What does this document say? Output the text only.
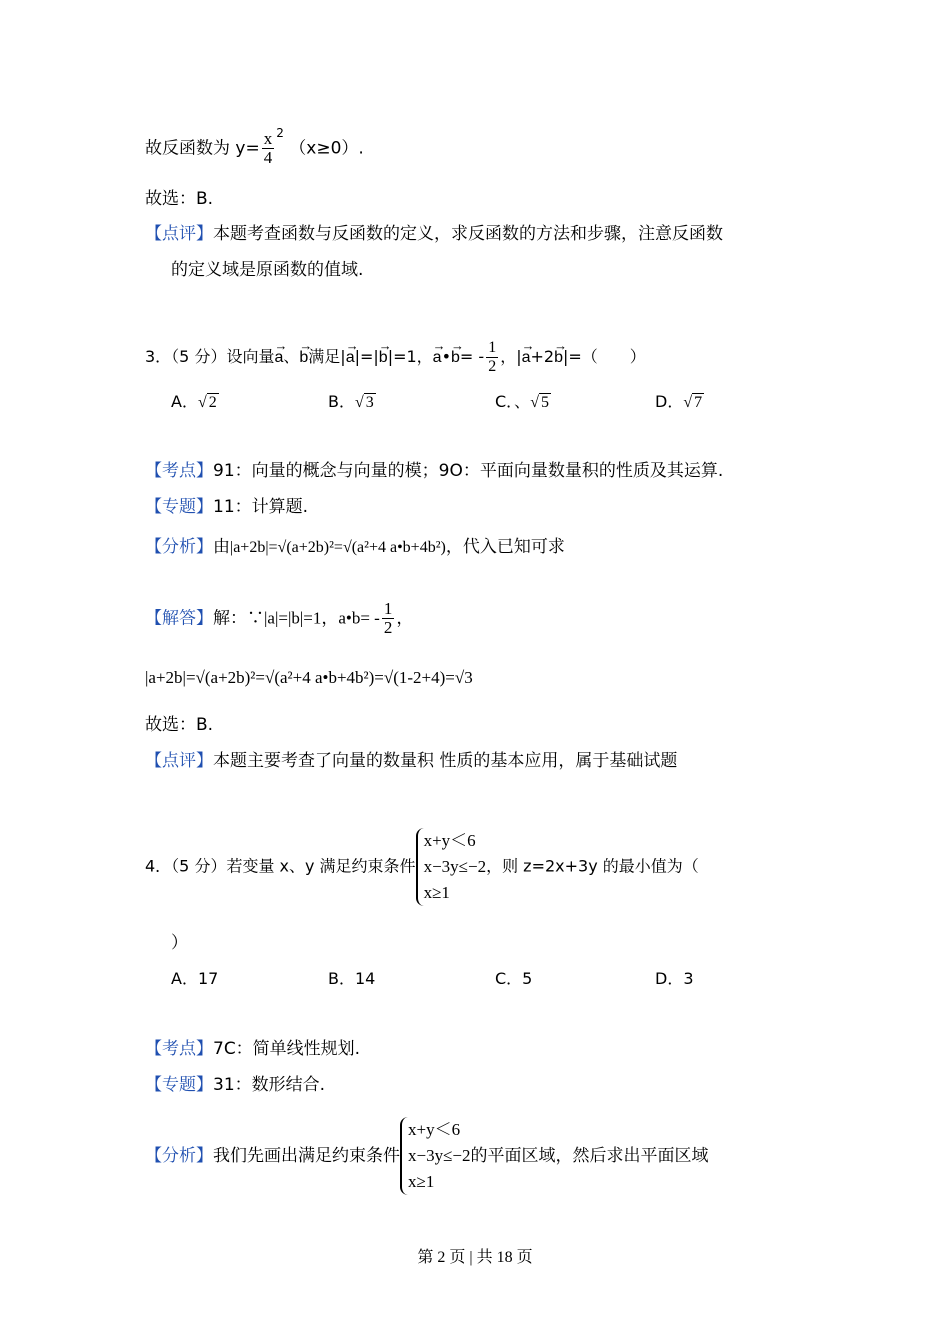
故反函数为 $y= \frac{x}{4} ^2$ （x≥0）.
故选：B.
【点评】本题考查函数与反函数的定义，求反函数的方法和步骤，注意反函数
的定义域是原函数的值域.
3．（5 分）设向量→ a、→ b满足|→ a|=|→ b|=1，→ a•→ $b= - \frac{1}{2}$ ，|→ a+2→ b|=（　　）
A．√ 2	B．√ 3	C．、√ 5	D．√ 7
【考点】91：向量的概念与向量的模；9O：平面向量数量积的性质及其运算.
【专题】11：计算题.
【分析】由|a+2b|=√(a+2b)²=√(a²+4 a•b+4b²)，代入已知可求
【解答】解：∵|a|=|b|=1，a•b= - $\frac{1}{2}$ ，
|a+2b|=√(a+2b)²=√(a²+4 a•b+4b²)=√(1-2+4)=√3
故选：B.
【点评】本题主要考查了向量的数量积 性质的基本应用，属于基础试题
4．（5 分）若变量 x、y 满足约束条件
x+y＜6
x−3y≤−2
x≥1
，则 z=2x+3y 的最小值为（
）
A．17	B．14	C．5	D．3
【考点】7C：简单线性规划.
【专题】31：数形结合.
【分析】我们先画出满足约束条件
x+y＜6
x−3y≤−2
x≥1
的平面区域，然后求出平面区域
第 2 页 | 共 18 页
